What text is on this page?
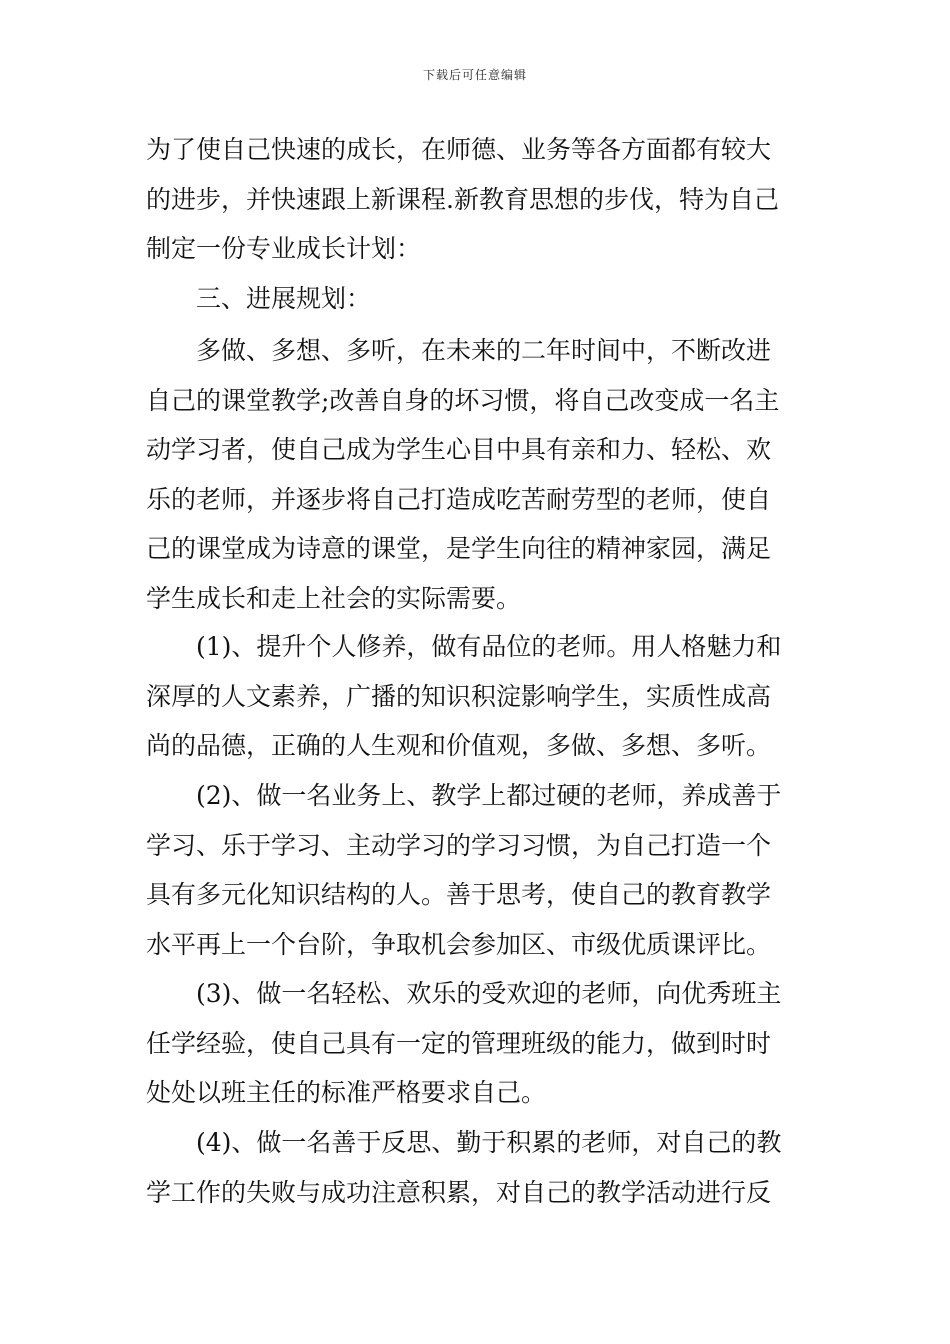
下载后可任意编辑
为了使自己快速的成长，在师德、业务等各方面都有较大
的进步，并快速跟上新课程.新教育思想的步伐，特为自己
制定一份专业成长计划：
三、进展规划：
多做、多想、多听，在未来的二年时间中，不断改进
自己的课堂教学;改善自身的坏习惯，将自己改变成一名主
动学习者，使自己成为学生心目中具有亲和力、轻松、欢
乐的老师，并逐步将自己打造成吃苦耐劳型的老师，使自
己的课堂成为诗意的课堂，是学生向往的精神家园，满足
学生成长和走上社会的实际需要。
(1)、提升个人修养，做有品位的老师。用人格魅力和
深厚的人文素养，广播的知识积淀影响学生，实质性成高
尚的品德，正确的人生观和价值观，多做、多想、多听。
(2)、做一名业务上、教学上都过硬的老师，养成善于
学习、乐于学习、主动学习的学习习惯，为自己打造一个
具有多元化知识结构的人。善于思考，使自己的教育教学
水平再上一个台阶，争取机会参加区、市级优质课评比。
(3)、做一名轻松、欢乐的受欢迎的老师，向优秀班主
任学经验，使自己具有一定的管理班级的能力，做到时时
处处以班主任的标准严格要求自己。
(4)、做一名善于反思、勤于积累的老师，对自己的教
学工作的失败与成功注意积累，对自己的教学活动进行反
